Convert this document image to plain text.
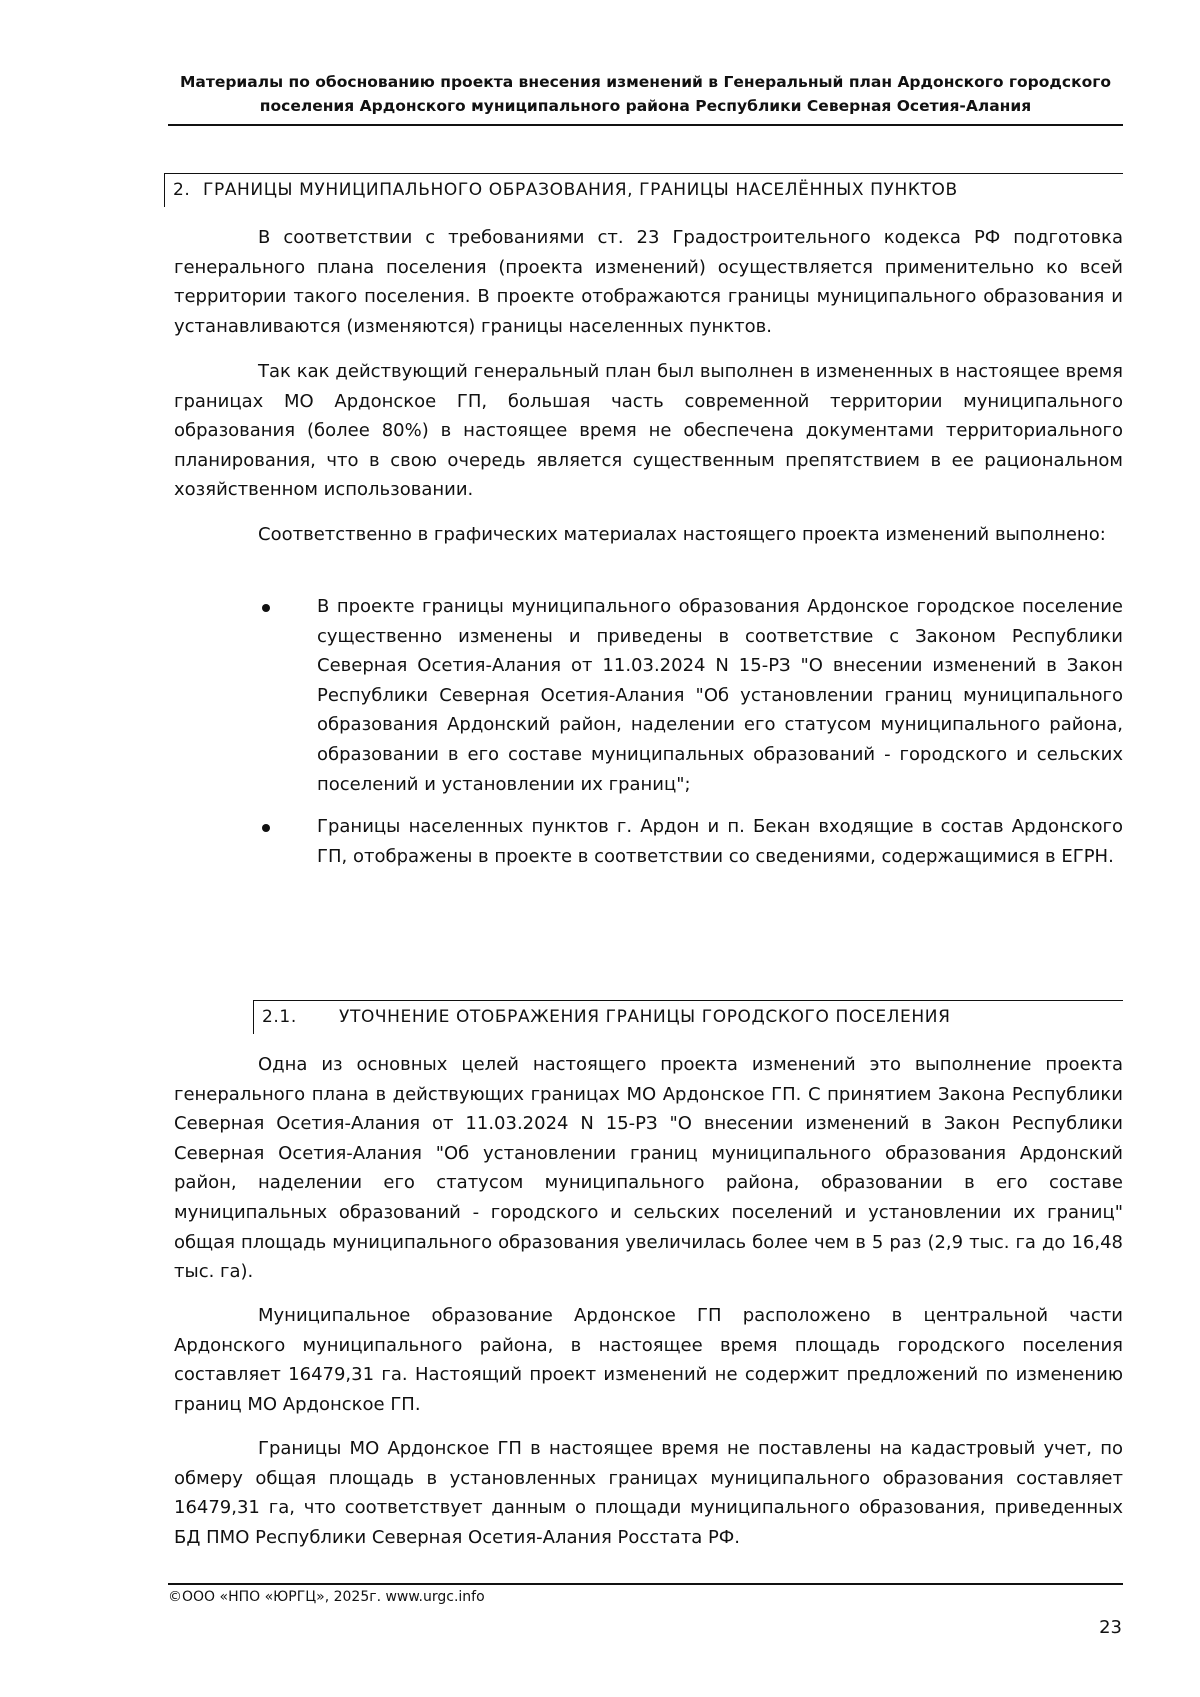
Материалы по обоснованию проекта внесения изменений в Генеральный план Ардонского городского
поселения Ардонского муниципального района Республики Северная Осетия-Алания
2. ГРАНИЦЫ МУНИЦИПАЛЬНОГО ОБРАЗОВАНИЯ, ГРАНИЦЫ НАСЕЛЁННЫХ ПУНКТОВ

В соответствии с требованиями ст. 23 Градостроительного кодекса РФ подготовка генерального плана поселения (проекта изменений) осуществляется применительно ко всей территории такого поселения. В проекте отображаются границы муниципального образования и устанавливаются (изменяются) границы населенных пунктов.

Так как действующий генеральный план был выполнен в измененных в настоящее время границах МО Ардонское ГП, большая часть современной территории муниципального образования (более 80%) в настоящее время не обеспечена документами территориального планирования, что в свою очередь является существенным препятствием в ее рациональном хозяйственном использовании.

Соответственно в графических материалах настоящего проекта изменений выполнено:

В проекте границы муниципального образования Ардонское городское поселение существенно изменены и приведены в соответствие с Законом Республики Северная Осетия-Алания от 11.03.2024 N 15-РЗ "О внесении изменений в Закон Республики Северная Осетия-Алания "Об установлении границ муниципального образования Ардонский район, наделении его статусом муниципального района, образовании в его составе муниципальных образований - городского и сельских поселений и установлении их границ";
Границы населенных пунктов г. Ардон и п. Бекан входящие в состав Ардонского ГП, отображены в проекте в соответствии со сведениями, содержащимися в ЕГРН.
2.1. УТОЧНЕНИЕ ОТОБРАЖЕНИЯ ГРАНИЦЫ ГОРОДСКОГО ПОСЕЛЕНИЯ

Одна из основных целей настоящего проекта изменений это выполнение проекта генерального плана в действующих границах МО Ардонское ГП. С принятием Закона Республики Северная Осетия-Алания от 11.03.2024 N 15-РЗ "О внесении изменений в Закон Республики Северная Осетия-Алания "Об установлении границ муниципального образования Ардонский район, наделении его статусом муниципального района, образовании в его составе муниципальных образований - городского и сельских поселений и установлении их границ" общая площадь муниципального образования увеличилась более чем в 5 раз (2,9 тыс. га до 16,48 тыс. га).

Муниципальное образование Ардонское ГП расположено в центральной части Ардонского муниципального района, в настоящее время площадь городского поселения составляет 16479,31 га. Настоящий проект изменений не содержит предложений по изменению границ МО Ардонское ГП.

Границы МО Ардонское ГП в настоящее время не поставлены на кадастровый учет, по обмеру общая площадь в установленных границах муниципального образования составляет 16479,31 га, что соответствует данным о площади муниципального образования, приведенных БД ПМО Республики Северная Осетия-Алания Росстата РФ.

©ООО «НПО «ЮРГЦ», 2025г. www.urgc.info
23
